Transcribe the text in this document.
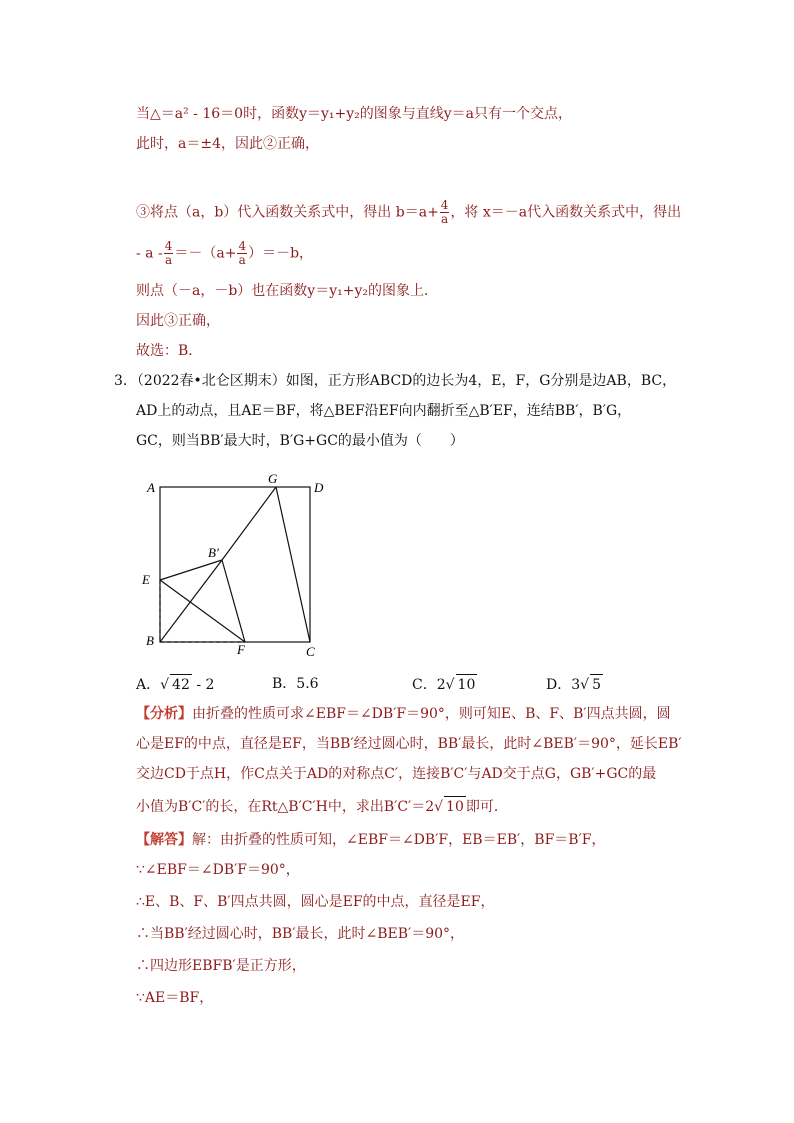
当△＝a² - 16＝0时，函数y＝y₁+y₂的图象与直线y＝a只有一个交点，
此时，a＝±4，因此②正确，
③将点（a，b）代入函数关系式中，得出 $b=a+ \frac{4}{a}$ ，将 x＝－a代入函数关系式中，得出
- $a - \frac{4}{a} =-(a+ \frac{4}{a} )=-b$，
则点（－a，－b）也在函数y＝y₁+y₂的图象上．
因此③正确，
故选：B．
3．（2022春•北仑区期末）如图，正方形ABCD的边长为4，E，F，G分别是边AB，BC，
AD上的动点，且AE＝BF，将△BEF沿EF向内翻折至△B′EF，连结BB′，B′G，
GC，则当BB′最大时，B′G+GC的最小值为（　　）
A
G
D
B′
E
B
F	C
A．√ 42 - 2	B．5.6	C．2√ 10	D．3√ 5
【分析】由折叠的性质可求∠EBF＝∠DB′F＝90°，则可知E、B、F、B′四点共圆，圆
心是EF的中点，直径是EF，当BB′经过圆心时，BB′最长，此时∠BEB′＝90°，延长EB′
交边CD于点H，作C点关于AD的对称点C′，连接B′C′与AD交于点G，GB′+GC的最
小值为B′C′的长，在Rt△B′C′H中，求出B′C′＝2√ 10 即可．
【解答】解：由折叠的性质可知，∠EBF＝∠DB′F，EB＝EB′，BF＝B′F，
∵∠EBF＝∠DB′F＝90°，
∴E、B、F、B′四点共圆，圆心是EF的中点，直径是EF，
∴当BB′经过圆心时，BB′最长，此时∠BEB′＝90°，
∴四边形EBFB′是正方形，
∵AE＝BF，
